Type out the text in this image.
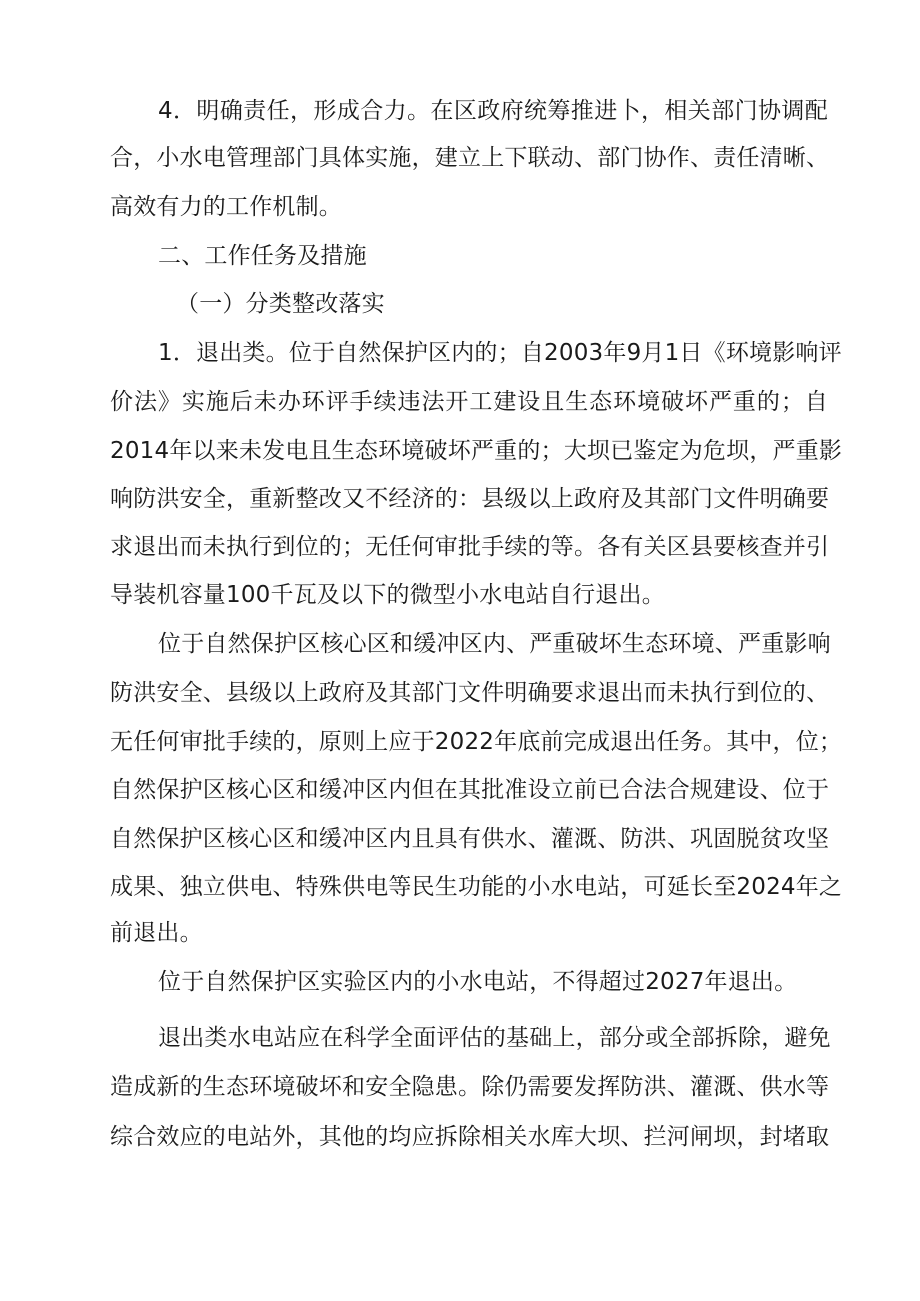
4．明确责任，形成合力。在区政府统筹推进卜，相关部门协调配
合，小水电管理部门具体实施，建立上下联动、部门协作、责任清晰、
高效有力的工作机制。
二、工作任务及措施
（一）分类整改落实
1．退出类。位于自然保护区内的；自2003年9月1日《环境影响评
价法》实施后未办环评手续违法开工建设且生态环境破坏严重的；自
2014年以来未发电且生态环境破坏严重的；大坝已鉴定为危坝，严重影
响防洪安全，重新整改又不经济的：县级以上政府及其部门文件明确要
求退出而未执行到位的；无任何审批手续的等。各有关区县要核查并引
导装机容量100千瓦及以下的微型小水电站自行退出。
位于自然保护区核心区和缓冲区内、严重破坏生态环境、严重影响
防洪安全、县级以上政府及其部门文件明确要求退出而未执行到位的、
无任何审批手续的，原则上应于2022年底前完成退出任务。其中，位；
自然保护区核心区和缓冲区内但在其批准设立前已合法合规建设、位于
自然保护区核心区和缓冲区内且具有供水、灌溉、防洪、巩固脱贫攻坚
成果、独立供电、特殊供电等民生功能的小水电站，可延长至2024年之
前退出。
位于自然保护区实验区内的小水电站，不得超过2027年退出。
退出类水电站应在科学全面评估的基础上，部分或全部拆除，避免
造成新的生态环境破坏和安全隐患。除仍需要发挥防洪、灌溉、供水等
综合效应的电站外，其他的均应拆除相关水库大坝、拦河闸坝，封堵取
